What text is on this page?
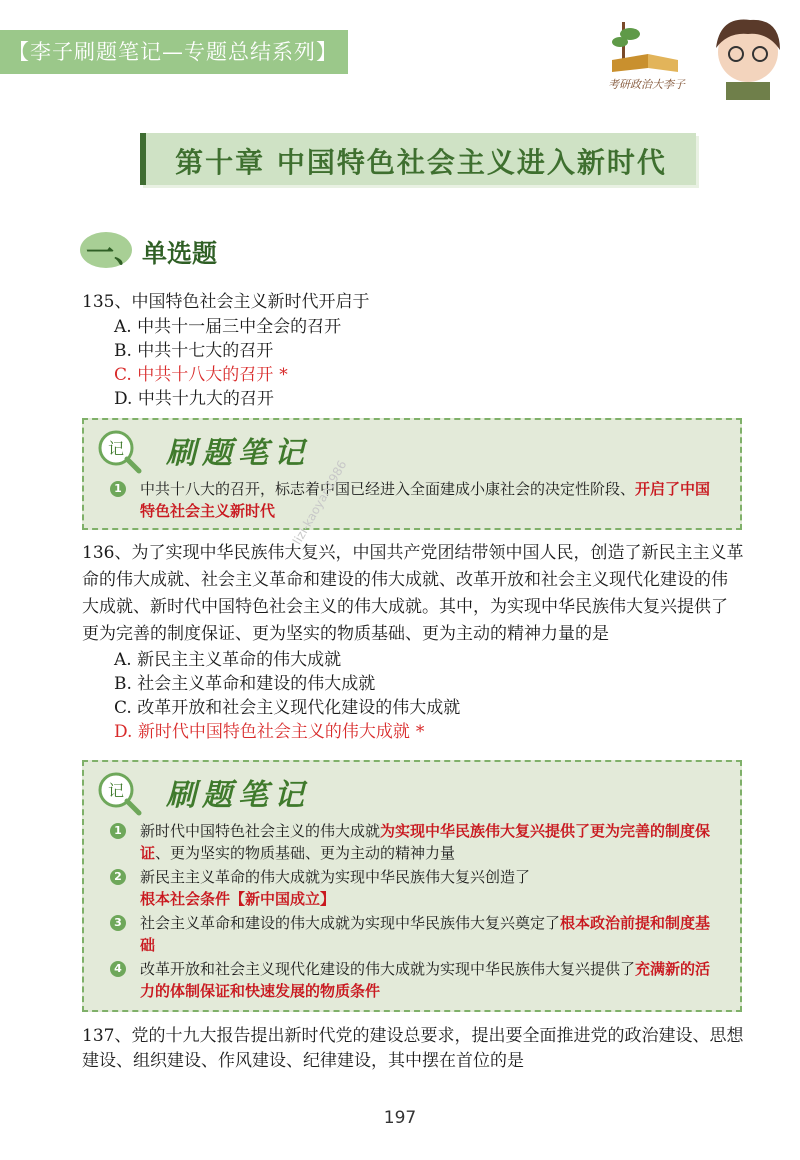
【李子刷题笔记—专题总结系列】
考研政治大李子
第十章 中国特色社会主义进入新时代
一、 单选题

135、中国特色社会主义新时代开启于

A. 中共十一届三中全会的召开
B. 中共十七大的召开
C. 中共十八大的召开 *
D. 中共十九大的召开
记 刷题笔记
1 中共十八大的召开，标志着中国已经进入全面建成小康社会的决定性阶段、开启了中国特色社会主义新时代

136、为了实现中华民族伟大复兴，中国共产党团结带领中国人民，创造了新民主主义革命的伟大成就、社会主义革命和建设的伟大成就、改革开放和社会主义现代化建设的伟大成就、新时代中国特色社会主义的伟大成就。其中，为实现中华民族伟大复兴提供了更为完善的制度保证、更为坚实的物质基础、更为主动的精神力量的是

A. 新民主主义革命的伟大成就
B. 社会主义革命和建设的伟大成就
C. 改革开放和社会主义现代化建设的伟大成就
D. 新时代中国特色社会主义的伟大成就 *
记 刷题笔记
1 新时代中国特色社会主义的伟大成就为实现中华民族伟大复兴提供了更为完善的制度保证、更为坚实的物质基础、更为主动的精神力量
2 新民主主义革命的伟大成就为实现中华民族伟大复兴创造了根本社会条件【新中国成立】
3 社会主义革命和建设的伟大成就为实现中华民族伟大复兴奠定了根本政治前提和制度基础
4 改革开放和社会主义现代化建设的伟大成就为实现中华民族伟大复兴提供了充满新的活力的体制保证和快速发展的物质条件

137、党的十九大报告提出新时代党的建设总要求，提出要全面推进党的政治建设、思想建设、组织建设、作风建设、纪律建设，其中摆在首位的是

lizi-kaoyan1986
197
